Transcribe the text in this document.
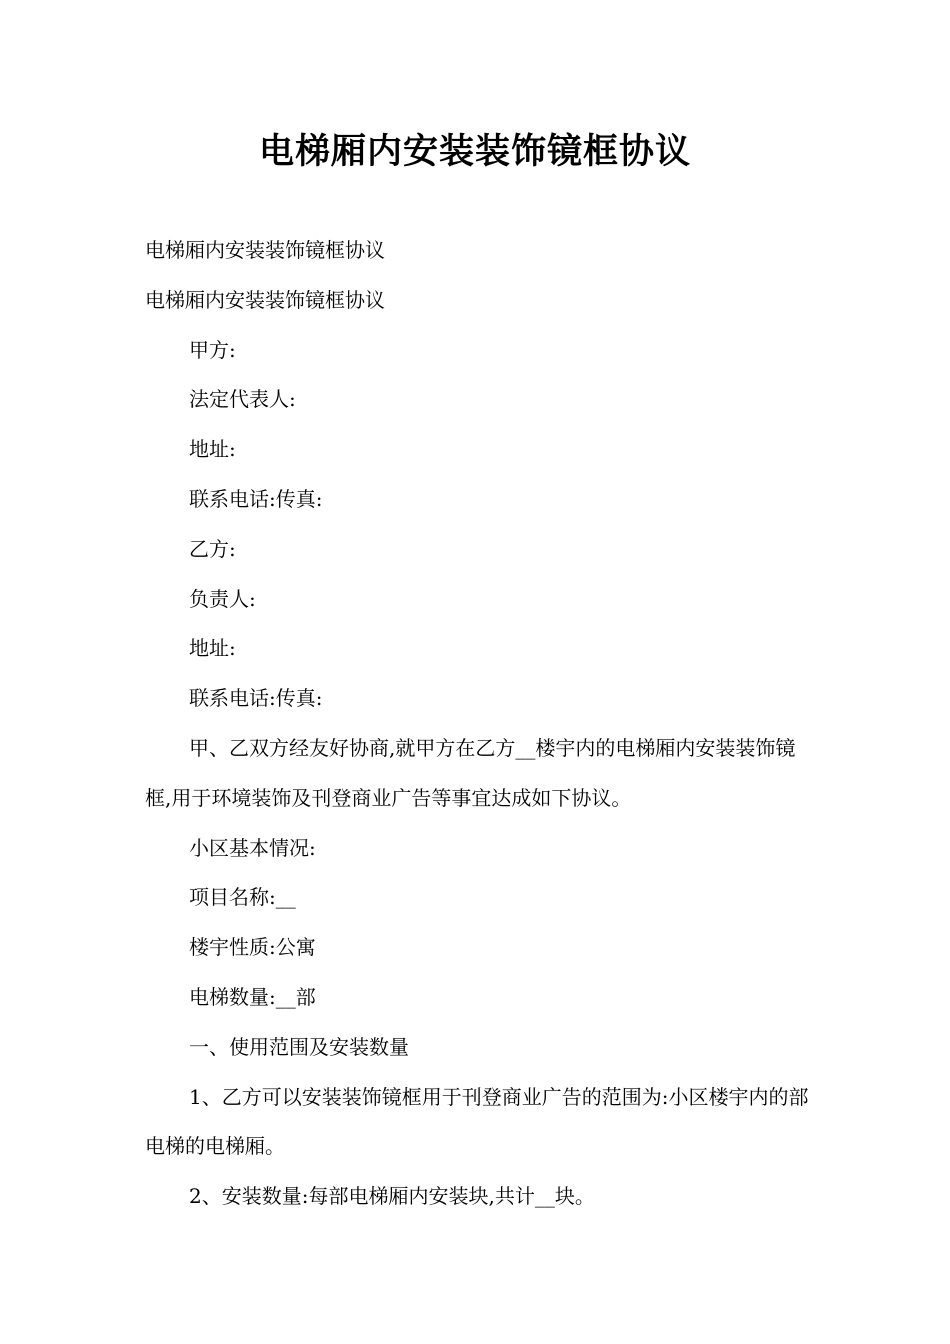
电梯厢内安装装饰镜框协议

电梯厢内安装装饰镜框协议

电梯厢内安装装饰镜框协议

甲方:

法定代表人:

地址:

联系电话:传真:

乙方:

负责人:

地址:

联系电话:传真:

甲、乙双方经友好协商,就甲方在乙方__楼宇内的电梯厢内安装装饰镜框,用于环境装饰及刊登商业广告等事宜达成如下协议。

小区基本情况:

项目名称:__

楼宇性质:公寓

电梯数量:__部

一、使用范围及安装数量

1、乙方可以安装装饰镜框用于刊登商业广告的范围为:小区楼宇内的部电梯的电梯厢。

2、安装数量:每部电梯厢内安装块,共计__块。
